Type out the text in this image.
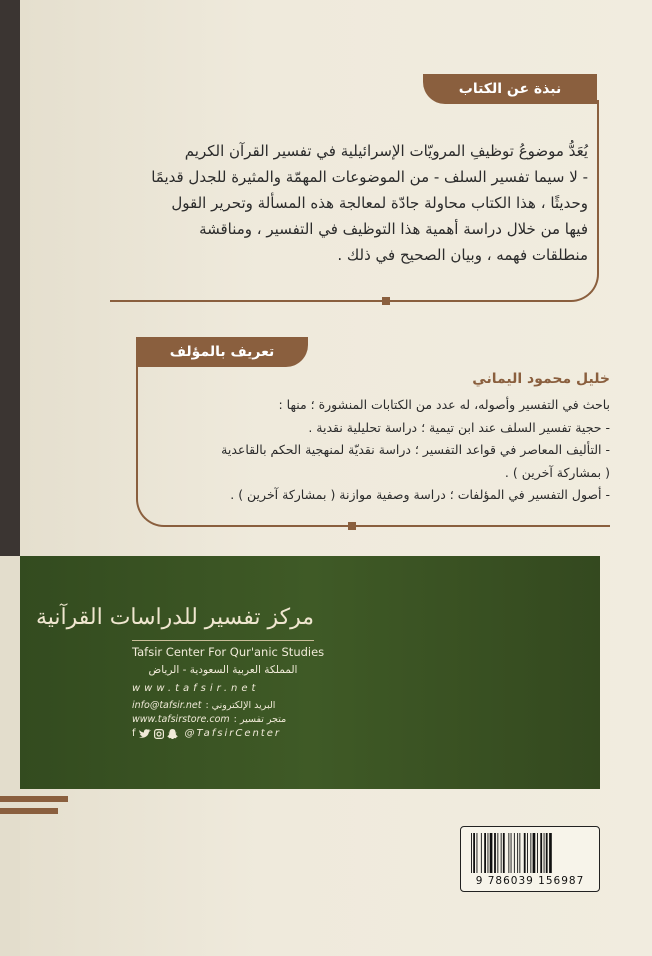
نبذة عن الكتاب
يُعَدُّ موضوعُ توظيفِ المرويّات الإسرائيلية في تفسير القرآن الكريم
- لا سيما تفسير السلف - من الموضوعات المهمّة والمثيرة للجدل قديمًا
وحديثًا ، هذا الكتاب محاولة جادّة لمعالجة هذه المسألة وتحرير القول
فيها من خلال دراسة أهمية هذا التوظيف في التفسير ، ومناقشة
منطلقات فهمه ، وبيان الصحيح في ذلك .
تعريف بالمؤلف
خليل محمود اليماني
باحث في التفسير وأصوله، له عدد من الكتابات المنشورة ؛ منها :
- حجية تفسير السلف عند ابن تيمية ؛ دراسة تحليلية نقدية .
- التأليف المعاصر في قواعد التفسير ؛ دراسة نقديّة لمنهجية الحكم بالقاعدية
( بمشاركة آخرين ) .
- أصول التفسير في المؤلفات ؛ دراسة وصفية موازنة ( بمشاركة آخرين ) .
مركز تفسير للدراسات القرآنية
Tafsir Center For Qur'anic Studies
المملكة العربية السعودية - الرياض
www.tafsir.net
info@tafsir.net البريد الإلكتروني :
www.tafsirstore.com متجر تفسير :
f	@TafsirCenter
9 786039 156987
